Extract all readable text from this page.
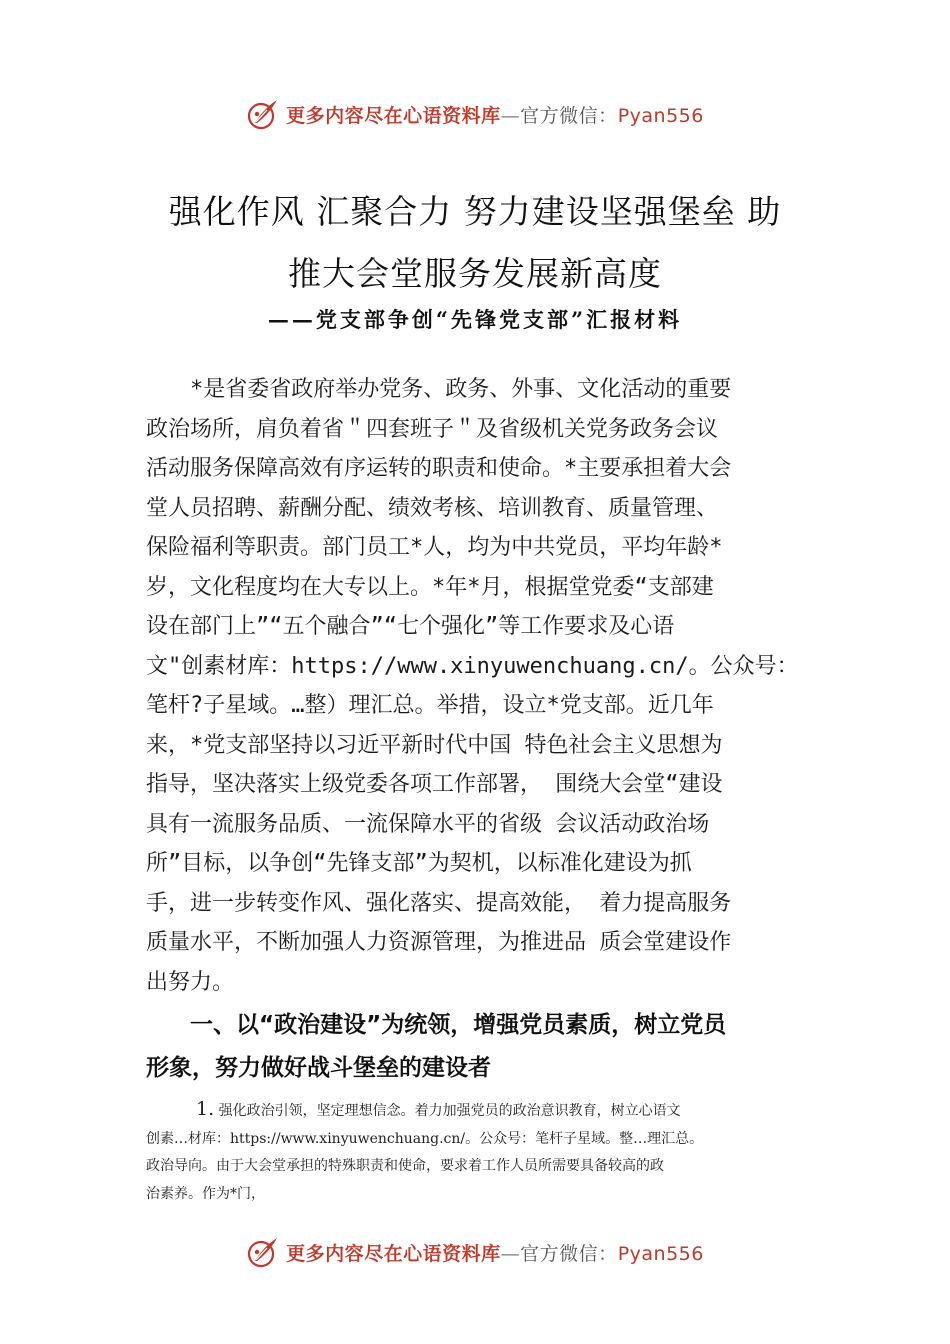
更多内容尽在心语资料库—官方微信：Pyan556
强化作风 汇聚合力 努力建设坚强堡垒 助
推大会堂服务发展新高度
——党支部争创“先锋党支部”汇报材料
*是省委省政府举办党务、政务、外事、文化活动的重要
政治场所，肩负着省＂四套班子＂及省级机关党务政务会议
活动服务保障高效有序运转的职责和使命。*主要承担着大会
堂人员招聘、薪酬分配、绩效考核、培训教育、质量管理、
保险福利等职责。部门员工*人，均为中共党员，平均年龄*
岁，文化程度均在大专以上。*年*月，根据堂党委“支部建
设在部门上”“五个融合”“七个强化”等工作要求及心语
文"创素材库：https://www.xinyuwenchuang.cn/。公众号：
笔杆?子星域。…整）理汇总。举措，设立*党支部。近几年
来，*党支部坚持以习近平新时代中国 特色社会主义思想为
指导，坚决落实上级党委各项工作部署， 围绕大会堂“建设
具有一流服务品质、一流保障水平的省级 会议活动政治场
所”目标，以争创“先锋支部”为契机，以标准化建设为抓
手，进一步转变作风、强化落实、提高效能， 着力提高服务
质量水平，不断加强人力资源管理，为推进品 质会堂建设作
出努力。
一、以“政治建设”为统领，增强党员素质，树立党员
形象，努力做好战斗堡垒的建设者
1. 强化政治引领，坚定理想信念。着力加强党员的政治意识教育，树立心语文
创素…材库：https://www.xinyuwenchuang.cn/。公众号：笔杆子星域。整…理汇总。
政治导向。由于大会堂承担的特殊职责和使命，要求着工作人员所需要具备较高的政
治素养。作为*门，
更多内容尽在心语资料库—官方微信：Pyan556
